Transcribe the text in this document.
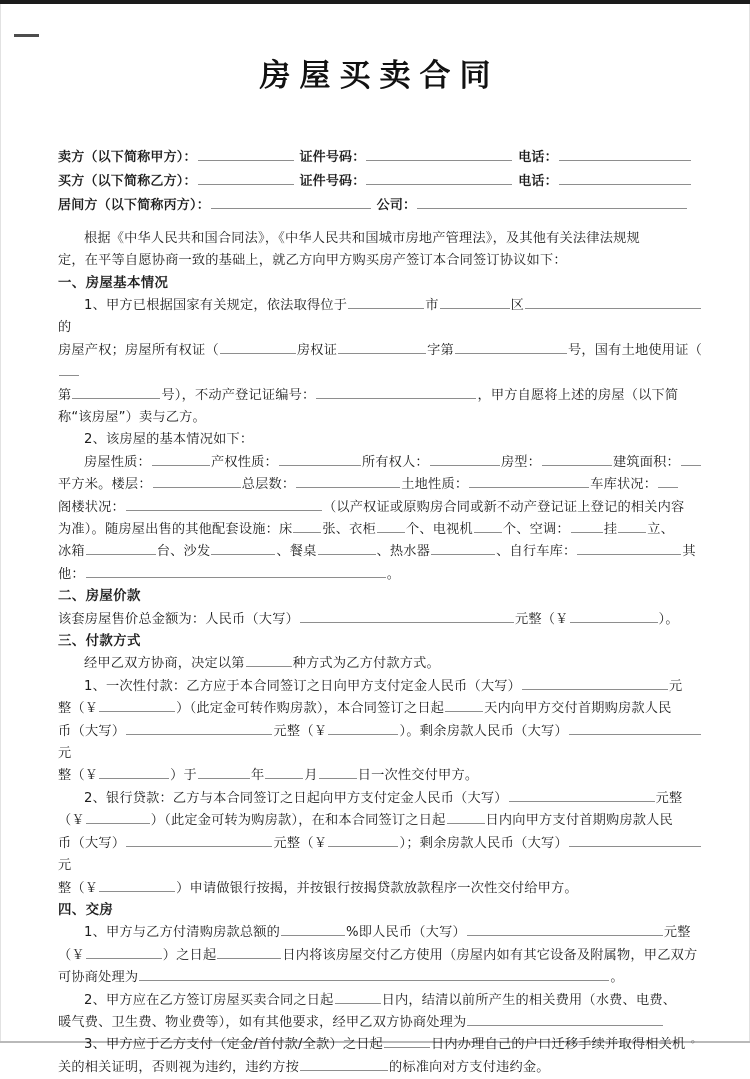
房屋买卖合同
卖方（以下简称甲方）：	证件号码：	电话：
买方（以下简称乙方）：	证件号码：	电话：
居间方（以下简称丙方）：	公司：

根据《中华人民共和国合同法》，《中华人民共和国城市房地产管理法》，及其他有关法律法规规

定，在平等自愿协商一致的基础上，就乙方向甲方购买房产签订本合同签订协议如下：

一、房屋基本情况

1、甲方已根据国家有关规定，依法取得位于	市	区的

房屋产权；房屋所有权证（	房权证	字第	号，国有土地使用证（

第	号），不动产登记证编号：	，甲方自愿将上述的房屋（以下简

称“该房屋”）卖与乙方。

2、该房屋的基本情况如下：

房屋性质：	产权性质：	所有权人：	房型：	建筑面积：

平方米。楼层：	总层数：	土地性质：	车库状况：

阁楼状况：	（以产权证或原购房合同或新不动产登记证上登记的相关内容

为准）。随房屋出售的其他配套设施：床 张、衣柜 个、电视机 个、空调：	挂 立、

冰箱	台、沙发	、餐桌	、热水器	、自行车库：	其

他：	。

二、房屋价款

该套房屋售价总金额为：人民币（大写）	元整（￥	）。

三、付款方式

经甲乙双方协商，决定以第	种方式为乙方付款方式。

1、一次性付款：乙方应于本合同签订之日向甲方支付定金人民币（大写）	元

整（￥	）（此定金可转作购房款），本合同签订之日起	天内向甲方交付首期购房款人民

币（大写）	元整（￥	）。剩余房款人民币（大写）元

整（￥	）于	年	月	日一次性交付甲方。

2、银行贷款：乙方与本合同签订之日起向甲方支付定金人民币（大写）	元整

（￥	）（此定金可转为购房款），在和本合同签订之日起	日内向甲方支付首期购房款人民

币（大写）	元整（￥	）；剩余房款人民币（大写）元

整（￥	）申请做银行按揭，并按银行按揭贷款放款程序一次性交付给甲方。

四、交房

1、甲方与乙方付清购房款总额的	%即人民币（大写）	元整

（￥	）之日起	日内将该房屋交付乙方使用（房屋内如有其它设备及附属物，甲乙双方

可协商处理为	。

2、甲方应在乙方签订房屋买卖合同之日起	日内，结清以前所产生的相关费用（水费、电费、

暖气费、卫生费、物业费等），如有其他要求，经甲乙双方协商处理为

。

3、甲方应于乙方支付（定金/首付款/全款）之日起	日内办理自己的户口迁移手续并取得相关机

关的相关证明，否则视为违约，违约方按	的标准向对方支付违约金。
